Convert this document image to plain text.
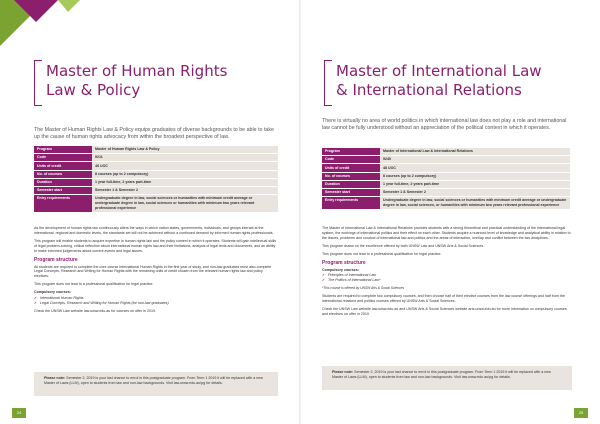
Master of Human Rights
Law & Policy
The Master of Human Rights Law & Policy equips graduates of diverse backgrounds to be able to take up the cause of human rights advocacy from within the broadest perspective of law.
Program	Master of Human Rights Law & Policy
Code	9211
Units of credit	48 UOC
No. of courses	8 courses (up to 2 compulsory)
Duration	1 year full-time, 2 years part-time
Semester start	Semester 1 & Semester 2
Entry requirements	Undergraduate degree in law, social sciences or humanities with minimum credit average or undergraduate degree in law, social sciences or humanities with minimum two years relevant professional experience

As the development of human rights law continuously alters the ways in which nation states, governments, individuals, and groups interact at the international, regional and domestic levels, the standards set will not be achieved without a continued demand by informed human rights professionals.

This program will enable students to acquire expertise in human rights law and the policy context in which it operates. Students will gain intellectual skills of legal problem-solving, critical reflection about international human rights law and their limitations, analysis of legal texts and documents, and an ability to make informed judgements about current events and legal issues.

Program structure

All students are required to complete the core course International Human Rights in the first year of study, and non-law graduates must also complete Legal Concepts, Research and Writing for Human Rights with the remaining units of credit chosen from the relevant human rights law and policy electives.

This program does not lead to a professional qualification for legal practice.

Compulsory courses:
✓ International Human Rights
✓ Legal Concepts, Research and Writing for Human Rights (for non-law graduates)

Check the UNSW Law website law.unsw.edu.au for courses on offer in 2019.

Please note: Semester 2, 2019 is your last chance to enrol in this postgraduate program. From Term 1 2019 it will be replaced with a new Master of Laws (LLM), open to students from law and non-law backgrounds. Visit law.unsw.edu.au/pg for details.
24
Master of International Law
& International Relations
There is virtually no area of world politics in which international law does not play a role and international law cannot be fully understood without an appreciation of the political context in which it operates.
Program	Master of International Law & International Relations
Code	9240
Units of credit	48 UOC
No. of courses	8 courses (up to 2 compulsory)
Duration	1 year full-time, 2 years part-time
Semester start	Semester 1 & Semester 2
Entry requirements	Undergraduate degree in law, social sciences or humanities with minimum credit average or undergraduate degree in law, social sciences, or humanities with minimum two years relevant professional experience

The Master of International Law & International Relations provides students with a strong theoretical and practical understanding of the international legal system, the workings of international politics and their effect on each other. Students acquire a nuanced level of knowledge and analytical ability in relation to the issues, problems and conduct of international law and politics and the areas of interaction, overlap and conflict between the two disciplines.

This program draws on the excellence offered by both UNSW Law and UNSW Arts & Social Sciences.

This program does not lead to a professional qualification for legal practice.

Program structure
Compulsory courses:
✓ Principles of International Law
✓ The Politics of International Law*
*This course is offered by UNSW Arts & Social Sciences

Students are required to complete two compulsory courses, and then choose half of their elective courses from the law course offerings and half from the international relations and politics courses offered by UNSW Arts & Social Sciences.

Check the UNSW Law website law.unsw.edu.au and UNSW Arts & Social Sciences website arts.unsw.edu.au for more information on compulsory courses and electives on offer in 2019.

Please note: Semester 2, 2019 is your last chance to enrol in this postgraduate program. From Term 1 2019 it will be replaced with a new Master of Laws (LLM), open to students from law and non-law backgrounds. Visit law.unsw.edu.au/pg for details.
25
